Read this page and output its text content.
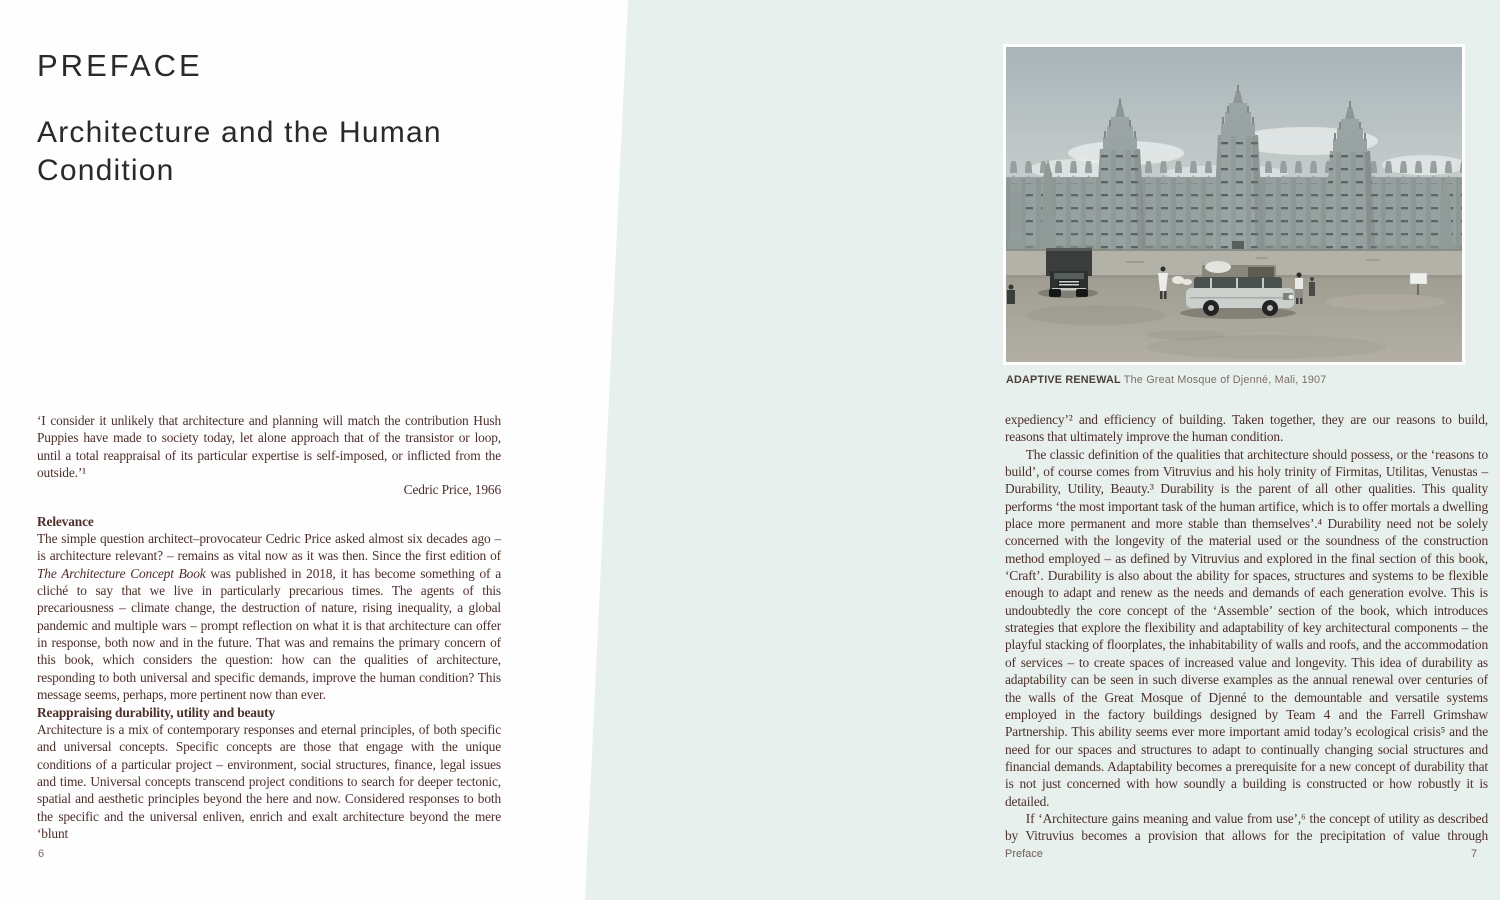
PREFACE
Architecture and the Human Condition

‘I consider it unlikely that architecture and planning will match the contribution Hush Puppies have made to society today, let alone approach that of the transistor or loop, until a total reappraisal of its particular expertise is self-imposed, or inflicted from the outside.’¹

Cedric Price, 1966

Relevance

The simple question architect–provocateur Cedric Price asked almost six decades ago – is architecture relevant? – remains as vital now as it was then. Since the first edition of The Architecture Concept Book was published in 2018, it has become something of a cliché to say that we live in particularly precarious times. The agents of this precariousness – climate change, the destruction of nature, rising inequality, a global pandemic and multiple wars – prompt reflection on what it is that architecture can offer in response, both now and in the future. That was and remains the primary concern of this book, which considers the question: how can the qualities of architecture, responding to both universal and specific demands, improve the human condition? This message seems, perhaps, more pertinent now than ever.

Reappraising durability, utility and beauty

Architecture is a mix of contemporary responses and eternal principles, of both specific and universal concepts. Specific concepts are those that engage with the unique conditions of a particular project – environment, social structures, finance, legal issues and time. Universal concepts transcend project conditions to search for deeper tectonic, spatial and aesthetic principles beyond the here and now. Considered responses to both the specific and the universal enliven, enrich and exalt architecture beyond the mere ‘blunt

6
ADAPTIVE RENEWAL The Great Mosque of Djenné, Mali, 1907

expediency’² and efficiency of building. Taken together, they are our reasons to build, reasons that ultimately improve the human condition.

The classic definition of the qualities that architecture should possess, or the ‘reasons to build’, of course comes from Vitruvius and his holy trinity of Firmitas, Utilitas, Venustas – Durability, Utility, Beauty.³ Durability is the parent of all other qualities. This quality performs ‘the most important task of the human artifice, which is to offer mortals a dwelling place more permanent and more stable than themselves’.⁴ Durability need not be solely concerned with the longevity of the material used or the soundness of the construction method employed – as defined by Vitruvius and explored in the final section of this book, ‘Craft’. Durability is also about the ability for spaces, structures and systems to be flexible enough to adapt and renew as the needs and demands of each generation evolve. This is undoubtedly the core concept of the ‘Assemble’ section of the book, which introduces strategies that explore the flexibility and adaptability of key architectural components – the playful stacking of floorplates, the inhabitability of walls and roofs, and the accommodation of services – to create spaces of increased value and longevity. This idea of durability as adaptability can be seen in such diverse examples as the annual renewal over centuries of the walls of the Great Mosque of Djenné to the demountable and versatile systems employed in the factory buildings designed by Team 4 and the Farrell Grimshaw Partnership. This ability seems ever more important amid today’s ecological crisis⁵ and the need for our spaces and structures to adapt to continually changing social structures and financial demands. Adaptability becomes a prerequisite for a new concept of durability that is not just concerned with how soundly a building is constructed or how robustly it is detailed.

If ‘Architecture gains meaning and value from use’,⁶ the concept of utility as described by Vitruvius becomes a provision that allows for the precipitation of value through

Preface	7
